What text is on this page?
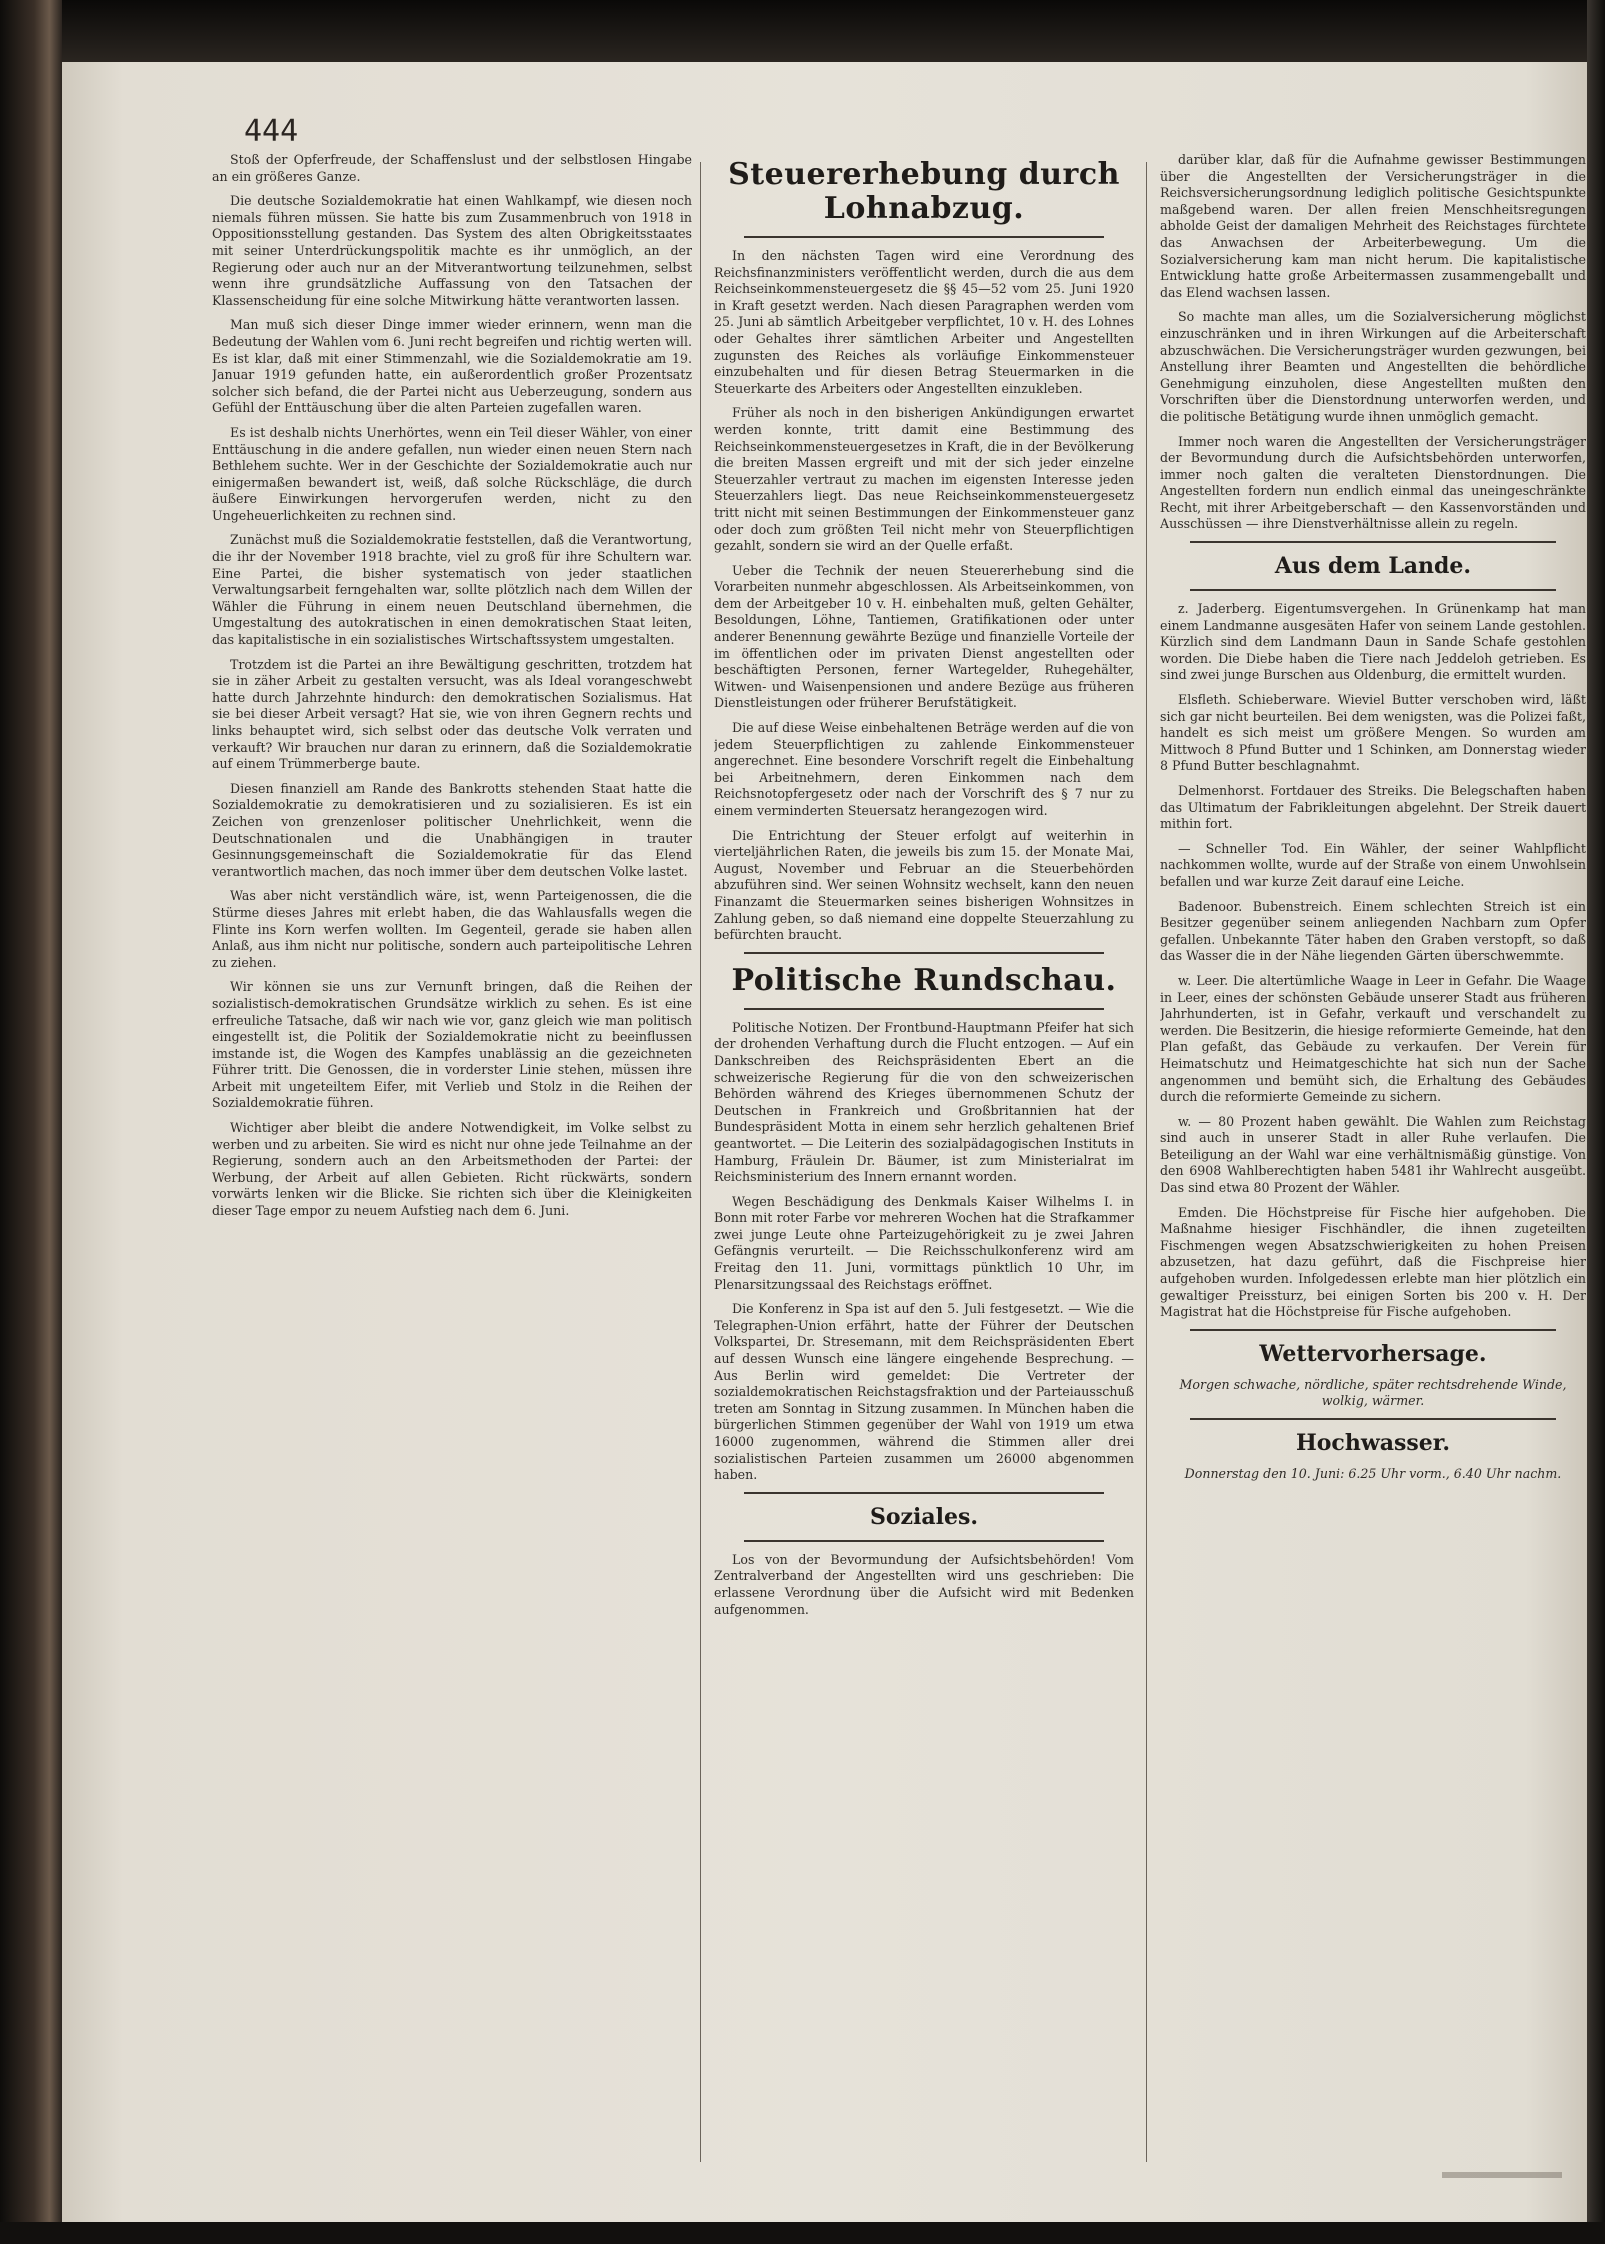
444

Stoß der Opferfreude, der Schaffenslust und der selbstlosen Hingabe an ein größeres Ganze.

Die deutsche Sozialdemokratie hat einen Wahlkampf, wie diesen noch niemals führen müssen. Sie hatte bis zum Zusammenbruch von 1918 in Oppositionsstellung gestanden. Das System des alten Obrigkeitsstaates mit seiner Unterdrückungspolitik machte es ihr unmöglich, an der Regierung oder auch nur an der Mitverantwortung teilzunehmen, selbst wenn ihre grundsätzliche Auffassung von den Tatsachen der Klassenscheidung für eine solche Mitwirkung hätte verantworten lassen.

Man muß sich dieser Dinge immer wieder erinnern, wenn man die Bedeutung der Wahlen vom 6. Juni recht begreifen und richtig werten will. Es ist klar, daß mit einer Stimmenzahl, wie die Sozialdemokratie am 19. Januar 1919 gefunden hatte, ein außerordentlich großer Prozentsatz solcher sich befand, die der Partei nicht aus Ueberzeugung, sondern aus Gefühl der Enttäuschung über die alten Parteien zugefallen waren.

Es ist deshalb nichts Unerhörtes, wenn ein Teil dieser Wähler, von einer Enttäuschung in die andere gefallen, nun wieder einen neuen Stern nach Bethlehem suchte. Wer in der Geschichte der Sozialdemokratie auch nur einigermaßen bewandert ist, weiß, daß solche Rückschläge, die durch äußere Einwirkungen hervorgerufen werden, nicht zu den Ungeheuerlichkeiten zu rechnen sind.

Zunächst muß die Sozialdemokratie feststellen, daß die Verantwortung, die ihr der November 1918 brachte, viel zu groß für ihre Schultern war. Eine Partei, die bisher systematisch von jeder staatlichen Verwaltungsarbeit ferngehalten war, sollte plötzlich nach dem Willen der Wähler die Führung in einem neuen Deutschland übernehmen, die Umgestaltung des autokratischen in einen demokratischen Staat leiten, das kapitalistische in ein sozialistisches Wirtschaftssystem umgestalten.

Trotzdem ist die Partei an ihre Bewältigung geschritten, trotzdem hat sie in zäher Arbeit zu gestalten versucht, was als Ideal vorangeschwebt hatte durch Jahrzehnte hindurch: den demokratischen Sozialismus. Hat sie bei dieser Arbeit versagt? Hat sie, wie von ihren Gegnern rechts und links behauptet wird, sich selbst oder das deutsche Volk verraten und verkauft? Wir brauchen nur daran zu erinnern, daß die Sozialdemokratie auf einem Trümmerberge baute.

Diesen finanziell am Rande des Bankrotts stehenden Staat hatte die Sozialdemokratie zu demokratisieren und zu sozialisieren. Es ist ein Zeichen von grenzenloser politischer Unehrlichkeit, wenn die Deutschnationalen und die Unabhängigen in trauter Gesinnungsgemeinschaft die Sozialdemokratie für das Elend verantwortlich machen, das noch immer über dem deutschen Volke lastet.

Was aber nicht verständlich wäre, ist, wenn Parteigenossen, die die Stürme dieses Jahres mit erlebt haben, die das Wahlausfalls wegen die Flinte ins Korn werfen wollten. Im Gegenteil, gerade sie haben allen Anlaß, aus ihm nicht nur politische, sondern auch parteipolitische Lehren zu ziehen.

Wir können sie uns zur Vernunft bringen, daß die Reihen der sozialistisch-demokratischen Grundsätze wirklich zu sehen. Es ist eine erfreuliche Tatsache, daß wir nach wie vor, ganz gleich wie man politisch eingestellt ist, die Politik der Sozialdemokratie nicht zu beeinflussen imstande ist, die Wogen des Kampfes unablässig an die gezeichneten Führer tritt. Die Genossen, die in vorderster Linie stehen, müssen ihre Arbeit mit ungeteiltem Eifer, mit Verlieb und Stolz in die Reihen der Sozialdemokratie führen.

Wichtiger aber bleibt die andere Notwendigkeit, im Volke selbst zu werben und zu arbeiten. Sie wird es nicht nur ohne jede Teilnahme an der Regierung, sondern auch an den Arbeitsmethoden der Partei: der Werbung, der Arbeit auf allen Gebieten. Richt rückwärts, sondern vorwärts lenken wir die Blicke. Sie richten sich über die Kleinigkeiten dieser Tage empor zu neuem Aufstieg nach dem 6. Juni.

Steuererhebung durch Lohnabzug.

In den nächsten Tagen wird eine Verordnung des Reichsfinanzministers veröffentlicht werden, durch die aus dem Reichseinkommensteuergesetz die §§ 45—52 vom 25. Juni 1920 in Kraft gesetzt werden. Nach diesen Paragraphen werden vom 25. Juni ab sämtlich Arbeitgeber verpflichtet, 10 v. H. des Lohnes oder Gehaltes ihrer sämtlichen Arbeiter und Angestellten zugunsten des Reiches als vorläufige Einkommensteuer einzubehalten und für diesen Betrag Steuermarken in die Steuerkarte des Arbeiters oder Angestellten einzukleben.

Früher als noch in den bisherigen Ankündigungen erwartet werden konnte, tritt damit eine Bestimmung des Reichseinkommensteuergesetzes in Kraft, die in der Bevölkerung die breiten Massen ergreift und mit der sich jeder einzelne Steuerzahler vertraut zu machen im eigensten Interesse jeden Steuerzahlers liegt. Das neue Reichseinkommensteuergesetz tritt nicht mit seinen Bestimmungen der Einkommensteuer ganz oder doch zum größten Teil nicht mehr von Steuerpflichtigen gezahlt, sondern sie wird an der Quelle erfaßt.

Ueber die Technik der neuen Steuererhebung sind die Vorarbeiten nunmehr abgeschlossen. Als Arbeitseinkommen, von dem der Arbeitgeber 10 v. H. einbehalten muß, gelten Gehälter, Besoldungen, Löhne, Tantiemen, Gratifikationen oder unter anderer Benennung gewährte Bezüge und finanzielle Vorteile der im öffentlichen oder im privaten Dienst angestellten oder beschäftigten Personen, ferner Wartegelder, Ruhegehälter, Witwen- und Waisenpensionen und andere Bezüge aus früheren Dienstleistungen oder früherer Berufstätigkeit.

Die auf diese Weise einbehaltenen Beträge werden auf die von jedem Steuerpflichtigen zu zahlende Einkommensteuer angerechnet. Eine besondere Vorschrift regelt die Einbehaltung bei Arbeitnehmern, deren Einkommen nach dem Reichsnotopfergesetz oder nach der Vorschrift des § 7 nur zu einem verminderten Steuersatz herangezogen wird.

Die Entrichtung der Steuer erfolgt auf weiterhin in vierteljährlichen Raten, die jeweils bis zum 15. der Monate Mai, August, November und Februar an die Steuerbehörden abzuführen sind. Wer seinen Wohnsitz wechselt, kann den neuen Finanzamt die Steuermarken seines bisherigen Wohnsitzes in Zahlung geben, so daß niemand eine doppelte Steuerzahlung zu befürchten braucht.

Politische Rundschau.

Politische Notizen. Der Frontbund-Hauptmann Pfeifer hat sich der drohenden Verhaftung durch die Flucht entzogen. — Auf ein Dankschreiben des Reichspräsidenten Ebert an die schweizerische Regierung für die von den schweizerischen Behörden während des Krieges übernommenen Schutz der Deutschen in Frankreich und Großbritannien hat der Bundespräsident Motta in einem sehr herzlich gehaltenen Brief geantwortet. — Die Leiterin des sozialpädagogischen Instituts in Hamburg, Fräulein Dr. Bäumer, ist zum Ministerialrat im Reichsministerium des Innern ernannt worden.

Wegen Beschädigung des Denkmals Kaiser Wilhelms I. in Bonn mit roter Farbe vor mehreren Wochen hat die Strafkammer zwei junge Leute ohne Parteizugehörigkeit zu je zwei Jahren Gefängnis verurteilt. — Die Reichsschulkonferenz wird am Freitag den 11. Juni, vormittags pünktlich 10 Uhr, im Plenarsitzungssaal des Reichstags eröffnet.

Die Konferenz in Spa ist auf den 5. Juli festgesetzt. — Wie die Telegraphen-Union erfährt, hatte der Führer der Deutschen Volkspartei, Dr. Stresemann, mit dem Reichspräsidenten Ebert auf dessen Wunsch eine längere eingehende Besprechung. — Aus Berlin wird gemeldet: Die Vertreter der sozialdemokratischen Reichstagsfraktion und der Parteiausschuß treten am Sonntag in Sitzung zusammen. In München haben die bürgerlichen Stimmen gegenüber der Wahl von 1919 um etwa 16000 zugenommen, während die Stimmen aller drei sozialistischen Parteien zusammen um 26000 abgenommen haben.

Soziales.

Los von der Bevormundung der Aufsichtsbehörden! Vom Zentralverband der Angestellten wird uns geschrieben: Die erlassene Verordnung über die Aufsicht wird mit Bedenken aufgenommen.

darüber klar, daß für die Aufnahme gewisser Bestimmungen über die Angestellten der Versicherungsträger in die Reichsversicherungsordnung lediglich politische Gesichtspunkte maßgebend waren. Der allen freien Menschheitsregungen abholde Geist der damaligen Mehrheit des Reichstages fürchtete das Anwachsen der Arbeiterbewegung. Um die Sozialversicherung kam man nicht herum. Die kapitalistische Entwicklung hatte große Arbeitermassen zusammengeballt und das Elend wachsen lassen.

So machte man alles, um die Sozialversicherung möglichst einzuschränken und in ihren Wirkungen auf die Arbeiterschaft abzuschwächen. Die Versicherungsträger wurden gezwungen, bei Anstellung ihrer Beamten und Angestellten die behördliche Genehmigung einzuholen, diese Angestellten mußten den Vorschriften über die Dienstordnung unterworfen werden, und die politische Betätigung wurde ihnen unmöglich gemacht.

Immer noch waren die Angestellten der Versicherungsträger der Bevormundung durch die Aufsichtsbehörden unterworfen, immer noch galten die veralteten Dienstordnungen. Die Angestellten fordern nun endlich einmal das uneingeschränkte Recht, mit ihrer Arbeitgeberschaft — den Kassenvorständen und Ausschüssen — ihre Dienstverhältnisse allein zu regeln.

Aus dem Lande.

z. Jaderberg. Eigentumsvergehen. In Grünenkamp hat man einem Landmanne ausgesäten Hafer von seinem Lande gestohlen. Kürzlich sind dem Landmann Daun in Sande Schafe gestohlen worden. Die Diebe haben die Tiere nach Jeddeloh getrieben. Es sind zwei junge Burschen aus Oldenburg, die ermittelt wurden.

Elsfleth. Schieberware. Wieviel Butter verschoben wird, läßt sich gar nicht beurteilen. Bei dem wenigsten, was die Polizei faßt, handelt es sich meist um größere Mengen. So wurden am Mittwoch 8 Pfund Butter und 1 Schinken, am Donnerstag wieder 8 Pfund Butter beschlagnahmt.

Delmenhorst. Fortdauer des Streiks. Die Belegschaften haben das Ultimatum der Fabrikleitungen abgelehnt. Der Streik dauert mithin fort.

— Schneller Tod. Ein Wähler, der seiner Wahlpflicht nachkommen wollte, wurde auf der Straße von einem Unwohlsein befallen und war kurze Zeit darauf eine Leiche.

Badenoor. Bubenstreich. Einem schlechten Streich ist ein Besitzer gegenüber seinem anliegenden Nachbarn zum Opfer gefallen. Unbekannte Täter haben den Graben verstopft, so daß das Wasser die in der Nähe liegenden Gärten überschwemmte.

w. Leer. Die altertümliche Waage in Leer in Gefahr. Die Waage in Leer, eines der schönsten Gebäude unserer Stadt aus früheren Jahrhunderten, ist in Gefahr, verkauft und verschandelt zu werden. Die Besitzerin, die hiesige reformierte Gemeinde, hat den Plan gefaßt, das Gebäude zu verkaufen. Der Verein für Heimatschutz und Heimatgeschichte hat sich nun der Sache angenommen und bemüht sich, die Erhaltung des Gebäudes durch die reformierte Gemeinde zu sichern.

w. — 80 Prozent haben gewählt. Die Wahlen zum Reichstag sind auch in unserer Stadt in aller Ruhe verlaufen. Die Beteiligung an der Wahl war eine verhältnismäßig günstige. Von den 6908 Wahlberechtigten haben 5481 ihr Wahlrecht ausgeübt. Das sind etwa 80 Prozent der Wähler.

Emden. Die Höchstpreise für Fische hier aufgehoben. Die Maßnahme hiesiger Fischhändler, die ihnen zugeteilten Fischmengen wegen Absatzschwierigkeiten zu hohen Preisen abzusetzen, hat dazu geführt, daß die Fischpreise hier aufgehoben wurden. Infolgedessen erlebte man hier plötzlich ein gewaltiger Preissturz, bei einigen Sorten bis 200 v. H. Der Magistrat hat die Höchstpreise für Fische aufgehoben.

Wettervorhersage.

Morgen schwache, nördliche, später rechtsdrehende Winde, wolkig, wärmer.

Hochwasser.

Donnerstag den 10. Juni: 6.25 Uhr vorm., 6.40 Uhr nachm.
